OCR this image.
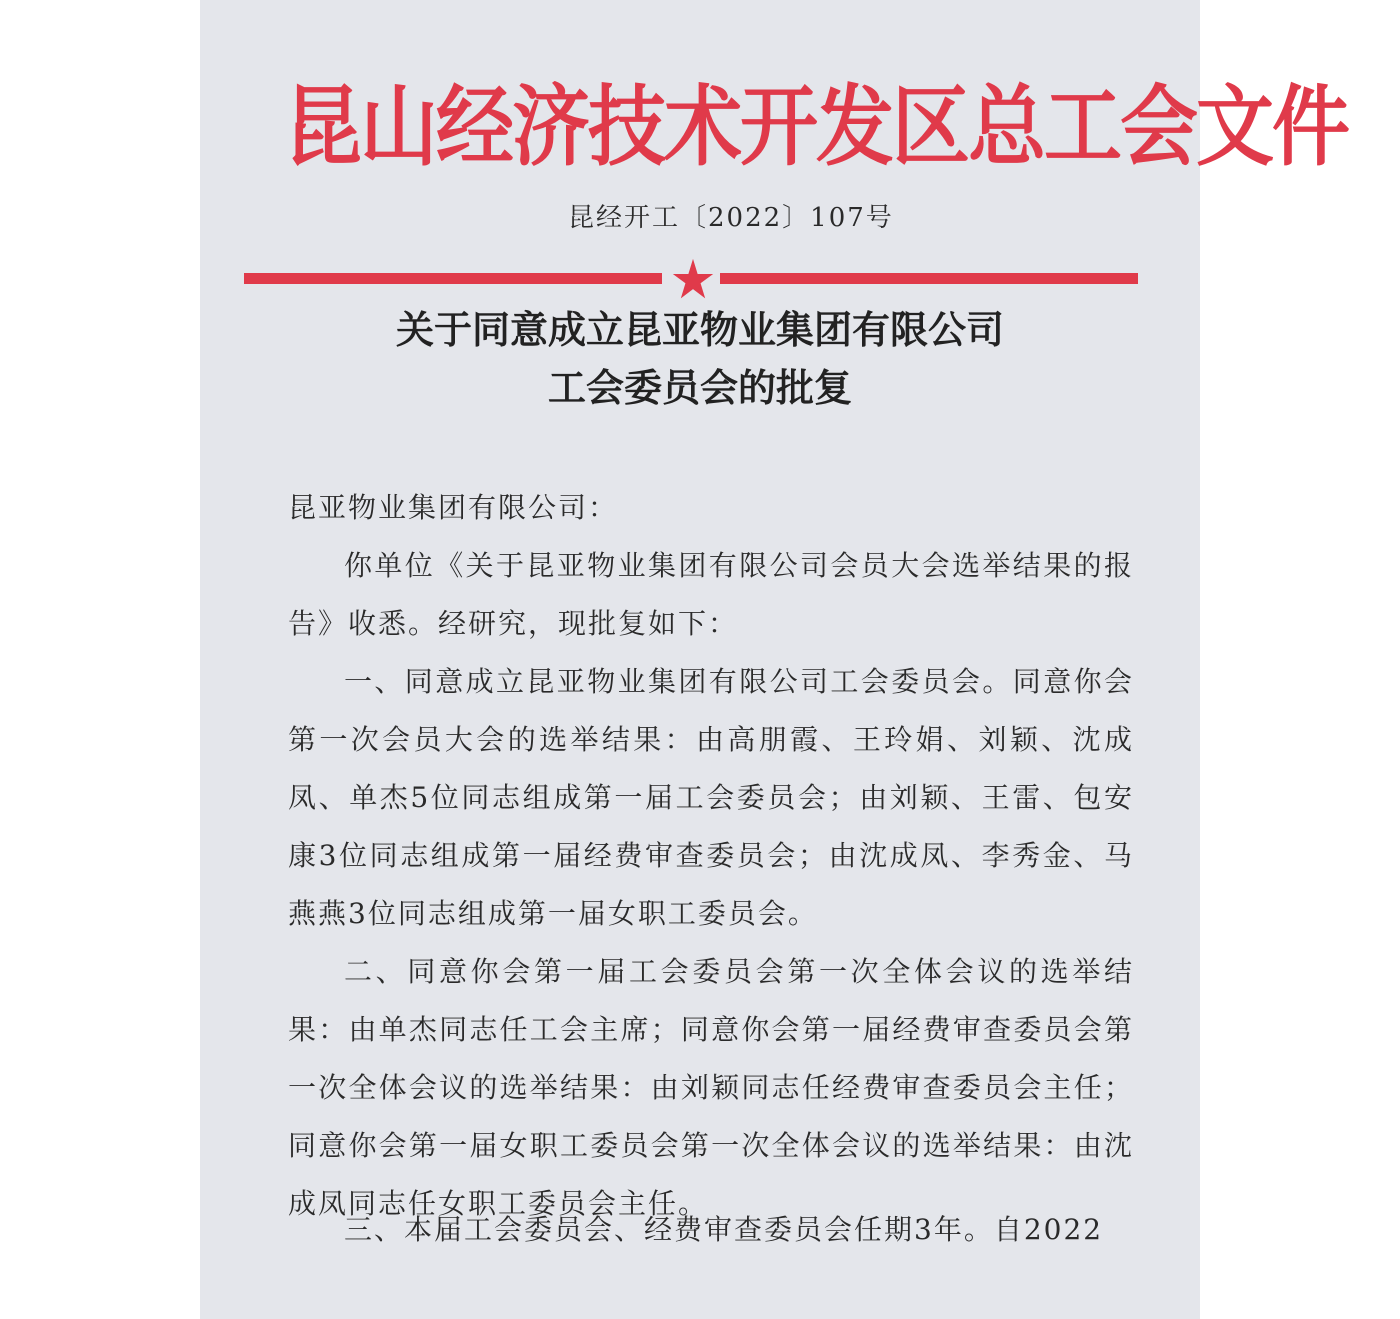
昆山经济技术开发区总工会文件
昆经开工〔2022〕107号
关于同意成立昆亚物业集团有限公司
工会委员会的批复
昆亚物业集团有限公司：

你单位《关于昆亚物业集团有限公司会员大会选举结果的报告》收悉。经研究，现批复如下：

一、同意成立昆亚物业集团有限公司工会委员会。同意你会第一次会员大会的选举结果：由高朋霞、王玲娟、刘颖、沈成凤、单杰5位同志组成第一届工会委员会；由刘颖、王雷、包安康3位同志组成第一届经费审查委员会；由沈成凤、李秀金、马燕燕3位同志组成第一届女职工委员会。

二、同意你会第一届工会委员会第一次全体会议的选举结果：由单杰同志任工会主席；同意你会第一届经费审查委员会第一次全体会议的选举结果：由刘颖同志任经费审查委员会主任；同意你会第一届女职工委员会第一次全体会议的选举结果：由沈成凤同志任女职工委员会主任。

三、本届工会委员会、经费审查委员会任期3年。自2022
